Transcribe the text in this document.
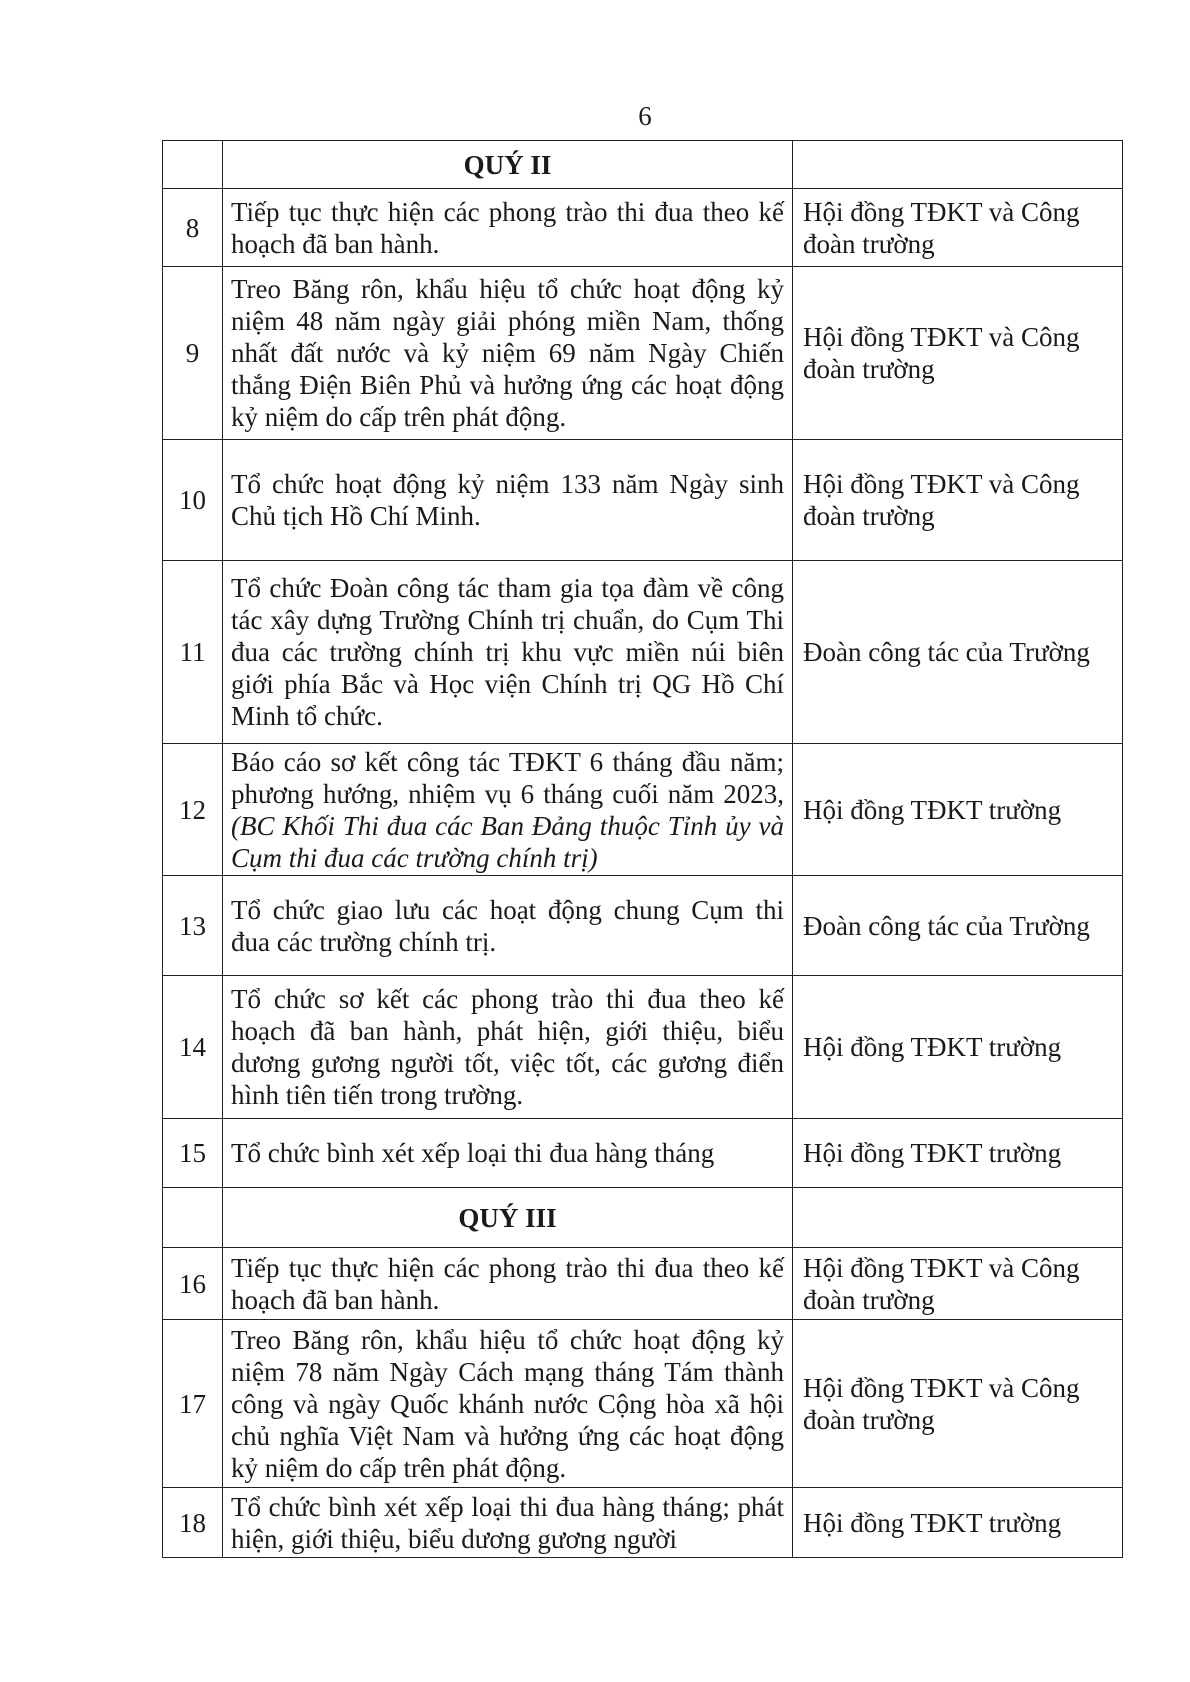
6
	QUÝ II	
8	Tiếp tục thực hiện các phong trào thi đua theo kế hoạch đã ban hành.	Hội đồng TĐKT và Công đoàn trường
9	Treo Băng rôn, khẩu hiệu tổ chức hoạt động kỷ niệm 48 năm ngày giải phóng miền Nam, thống nhất đất nước và kỷ niệm 69 năm Ngày Chiến thắng Điện Biên Phủ và hưởng ứng các hoạt động kỷ niệm do cấp trên phát động.	Hội đồng TĐKT và Công đoàn trường
10	Tổ chức hoạt động kỷ niệm 133 năm Ngày sinh Chủ tịch Hồ Chí Minh.	Hội đồng TĐKT và Công đoàn trường
11	Tổ chức Đoàn công tác tham gia tọa đàm về công tác xây dựng Trường Chính trị chuẩn, do Cụm Thi đua các trường chính trị khu vực miền núi biên giới phía Bắc và Học viện Chính trị QG Hồ Chí Minh tổ chức.	Đoàn công tác của Trường
12	Báo cáo sơ kết công tác TĐKT 6 tháng đầu năm; phương hướng, nhiệm vụ 6 tháng cuối năm 2023, (BC Khối Thi đua các Ban Đảng thuộc Tỉnh ủy và Cụm thi đua các trường chính trị)	Hội đồng TĐKT trường
13	Tổ chức giao lưu các hoạt động chung Cụm thi đua các trường chính trị.	Đoàn công tác của Trường
14	Tổ chức sơ kết các phong trào thi đua theo kế hoạch đã ban hành, phát hiện, giới thiệu, biểu dương gương người tốt, việc tốt, các gương điển hình tiên tiến trong trường.	Hội đồng TĐKT trường
15	Tổ chức bình xét xếp loại thi đua hàng tháng	Hội đồng TĐKT trường
	QUÝ III	
16	Tiếp tục thực hiện các phong trào thi đua theo kế hoạch đã ban hành.	Hội đồng TĐKT và Công đoàn trường
17	Treo Băng rôn, khẩu hiệu tổ chức hoạt động kỷ niệm 78 năm Ngày Cách mạng tháng Tám thành công và ngày Quốc khánh nước Cộng hòa xã hội chủ nghĩa Việt Nam và hưởng ứng các hoạt động kỷ niệm do cấp trên phát động.	Hội đồng TĐKT và Công đoàn trường
18	Tổ chức bình xét xếp loại thi đua hàng tháng; phát hiện, giới thiệu, biểu dương gương người	Hội đồng TĐKT trường
